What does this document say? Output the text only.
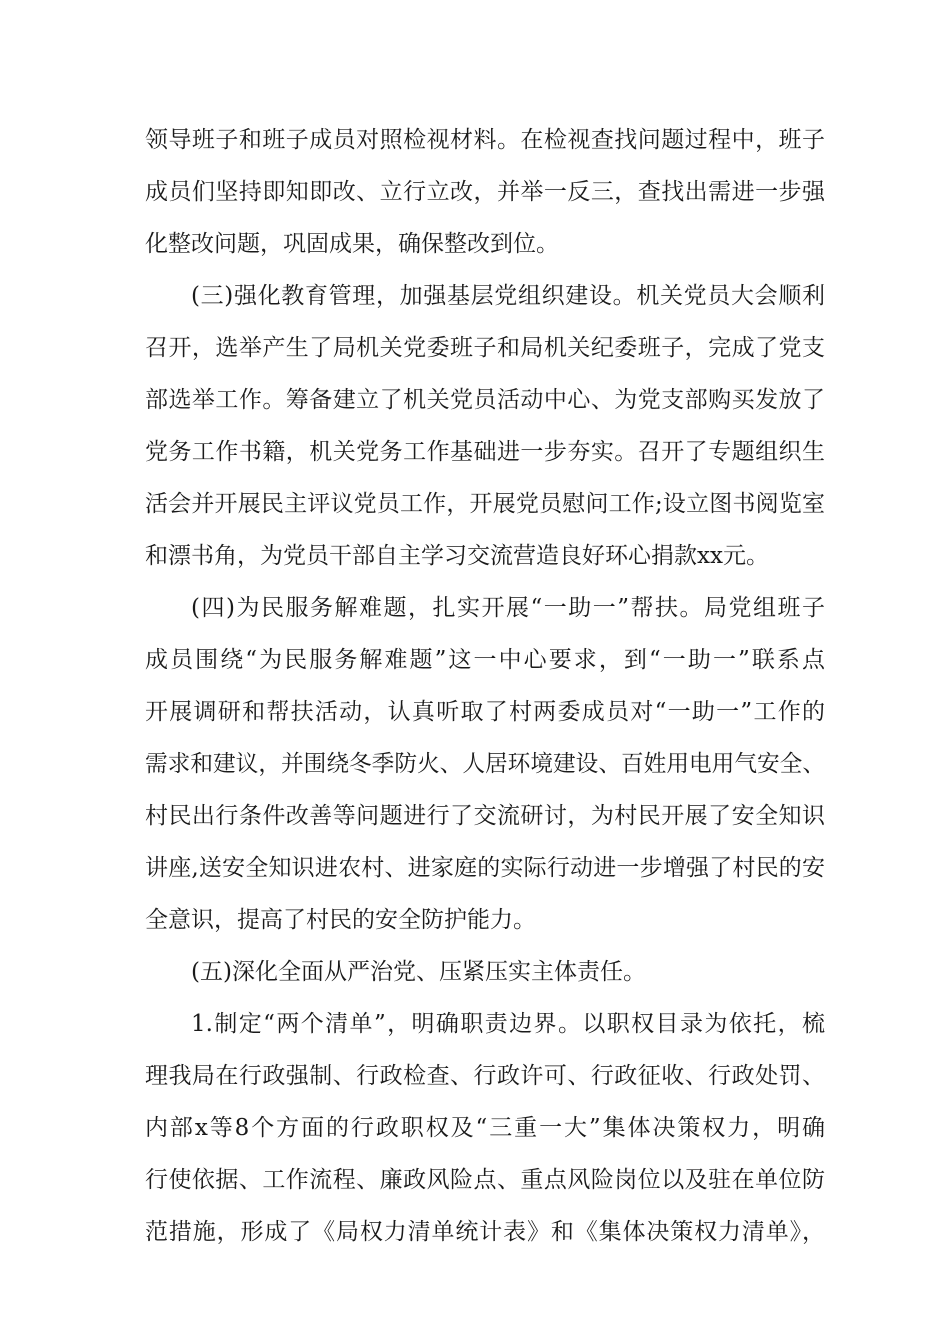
领导班子和班子成员对照检视材料。在检视查找问题过程中，班子
成员们坚持即知即改、立行立改，并举一反三，查找出需进一步强
化整改问题，巩固成果，确保整改到位。
(三)强化教育管理，加强基层党组织建设。机关党员大会顺利
召开，选举产生了局机关党委班子和局机关纪委班子，完成了党支
部选举工作。筹备建立了机关党员活动中心、为党支部购买发放了
党务工作书籍，机关党务工作基础进一步夯实。召开了专题组织生
活会并开展民主评议党员工作，开展党员慰问工作;设立图书阅览室
和漂书角，为党员干部自主学习交流营造良好环心捐款xx元。
(四)为民服务解难题，扎实开展“一助一”帮扶。局党组班子
成员围绕“为民服务解难题”这一中心要求，到“一助一”联系点
开展调研和帮扶活动，认真听取了村两委成员对“一助一”工作的
需求和建议，并围绕冬季防火、人居环境建设、百姓用电用气安全、
村民出行条件改善等问题进行了交流研讨，为村民开展了安全知识
讲座,送安全知识进农村、进家庭的实际行动进一步增强了村民的安
全意识，提高了村民的安全防护能力。
(五)深化全面从严治党、压紧压实主体责任。
1.制定“两个清单”，明确职责边界。以职权目录为依托，梳
理我局在行政强制、行政检查、行政许可、行政征收、行政处罚、
内部x等8个方面的行政职权及“三重一大”集体决策权力，明确
行使依据、工作流程、廉政风险点、重点风险岗位以及驻在单位防
范措施，形成了《局权力清单统计表》和《集体决策权力清单》，
